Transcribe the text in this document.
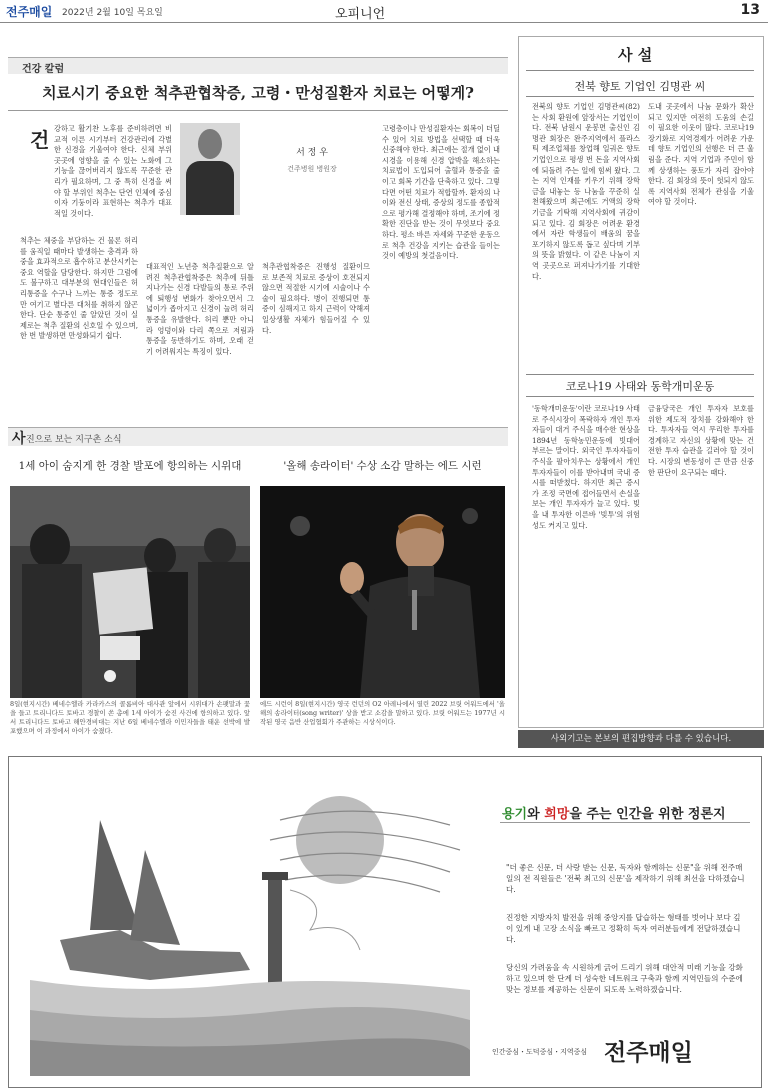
전주매일 2022년 2월 10일 목요일	오피니언	13
건강 칼럼
치료시기 중요한 척추관협착증, 고령・만성질환자 치료는 어떻게?
건
서 정 우
건주병원 병원장
강하고 활기찬 노후를 준비하려면 비교적 이른 시기부터 건강관리에 각별한 신경을 기울여야 한다. 신체 부위 곳곳에 영향을 줄 수 있는 노화에 그 기능을 끊어버리지 않도록 꾸준한 관리가 필요하며, 그 중 특히 신경을 써야 할 부위인 척추는 단연 인체에 중심이자 기둥이라 표현하는 척추가 대표적일 것이다.
척추는 체중을 부담하는 건 물론 허리를 움직일 때마다 발생하는 충격과 하중을 효과적으로 흡수하고 분산시키는 중요 역할을 담당한다. 하지만 그럼에도 불구하고 대부분의 현대인들은 허리통증을 수구나 느끼는 통증 정도로만 여기고 별다른 대처를 취하지 않곤 한다. 단순 통증인 줄 알았던 것이 실제로는 척추 질환의 신호일 수 있으며, 한 번 발생하면 만성화되기 쉽다.
대표적인 노년층 척추질환으로 알려진 척추관협착증은 척추에 뒤틀 지나가는 신경 다발들의 통로 주위에 퇴행성 변화가 찾아오면서 그 넓이가 좁아지고 신경이 눌려 허리 통증을 유발한다. 허리 뿐만 아니라 엉덩이와 다리 쪽으로 저림과 통증을 동반하기도 하며, 오래 걷기 어려워지는 특징이 있다.
척추관협착증은 진행성 질환이므로 보존적 치료로 증상이 호전되지 않으면 적절한 시기에 시술이나 수술이 필요하다. 병이 진행되면 통증이 심해지고 하지 근력이 약해져 일상생활 자체가 힘들어질 수 있다.
고령층이나 만성질환자는 회복이 더딜 수 있어 치료 방법을 선택할 때 더욱 신중해야 한다. 최근에는 절개 없이 내시경을 이용해 신경 압박을 해소하는 치료법이 도입되어 출혈과 통증을 줄이고 회복 기간을 단축하고 있다. 그렇다면 어떤 치료가 적합할까. 환자의 나이와 전신 상태, 증상의 정도를 종합적으로 평가해 결정해야 하며, 조기에 정확한 진단을 받는 것이 무엇보다 중요하다. 평소 바른 자세와 꾸준한 운동으로 척추 건강을 지키는 습관을 들이는 것이 예방의 첫걸음이다.
사 진으로 보는 지구촌 소식
1세 아이 숨지게 한 경찰 발포에 항의하는 시위대	'올해 송라이터' 수상 소감 말하는 에드 시런
8일(현지시간) 베네수엘라 카라카스의 콜롬비아 대사관 앞에서 시위대가 손팻말과 꽃을 들고 트리니다드 토바고 경찰이 쏜 총에 1세 아이가 숨진 사건에 항의하고 있다. 앞서 트리니다드 토바고 해안경비대는 지난 6일 베네수엘라 이민자들을 태운 선박에 발포했으며 이 과정에서 아이가 숨졌다.
에드 시런이 8일(현지시간) 영국 런던의 O2 아레나에서 열린 2022 브릿 어워드에서 '올해의 송라이터(song writer)' 상을 받고 소감을 말하고 있다. 브릿 어워드는 1977년 시작된 영국 음반 산업협회가 주관하는 시상식이다.
사 설
전북 향토 기업인 김명관 씨
전북의 향토 기업인 김명관씨(82)는 사회 환원에 앞장서는 기업인이다. 전북 남원시 운봉면 출신인 김명관 회장은 완주지역에서 플라스틱 제조업체를 창업해 일궈온 향토 기업인으로 평생 번 돈을 지역사회에 되돌려 주는 일에 힘써 왔다. 그는 지역 인재를 키우기 위해 장학금을 내놓는 등 나눔을 꾸준히 실천해왔으며 최근에도 거액의 장학기금을 기탁해 지역사회에 귀감이 되고 있다. 김 회장은 어려운 환경에서 자란 학생들이 배움의 꿈을 포기하지 않도록 돕고 싶다며 기부의 뜻을 밝혔다. 이 같은 나눔이 지역 곳곳으로 퍼져나가기를 기대한다.
도내 곳곳에서 나눔 문화가 확산되고 있지만 여전히 도움의 손길이 필요한 이웃이 많다. 코로나19 장기화로 지역경제가 어려운 가운데 향토 기업인의 선행은 더 큰 울림을 준다. 지역 기업과 주민이 함께 상생하는 풍토가 자리 잡아야 한다. 김 회장의 뜻이 헛되지 않도록 지역사회 전체가 관심을 기울여야 할 것이다.
코로나19 사태와 동학개미운동
'동학개미운동'이란 코로나19 사태로 주식시장이 폭락하자 개인 투자자들이 대거 주식을 매수한 현상을 1894년 동학농민운동에 빗대어 부르는 말이다. 외국인 투자자들이 주식을 팔아치우는 상황에서 개인 투자자들이 이를 받아내며 국내 증시를 떠받쳤다. 하지만 최근 증시가 조정 국면에 접어들면서 손실을 보는 개인 투자자가 늘고 있다. 빚을 내 투자한 이른바 '빚투'의 위험성도 커지고 있다.
금융당국은 개인 투자자 보호를 위한 제도적 장치를 강화해야 한다. 투자자들 역시 무리한 투자를 경계하고 자신의 상황에 맞는 건전한 투자 습관을 길러야 할 것이다. 시장의 변동성이 큰 만큼 신중한 판단이 요구되는 때다.
사외기고는 본보의 편집방향과 다를 수 있습니다.
용기와 희망을 주는 인간을 위한 정론지
"더 좋은 신문, 더 사랑 받는 신문, 독자와 함께하는 신문"을 위해 전주매일의 전 직원들은 '전북 최고의 신문'을 제작하기 위해 최선을 다하겠습니다.
진정한 지방자치 발전을 위해 중앙지를 답습하는 형태를 벗어나 보다 깊이 있게 내 고장 소식을 빠르고 정확히 독자 여러분들에게 전달하겠습니다.
당신의 가려움을 속 시원하게 긁어 드리기 위해 대안적 미래 기능을 강화하고 있으며 한 단계 더 성숙한 네트워크 구축과 함께 지역민들의 수준에 맞는 정보를 제공하는 신문이 되도록 노력하겠습니다.
인간중심・도덕중심・지역중심 전주매일
